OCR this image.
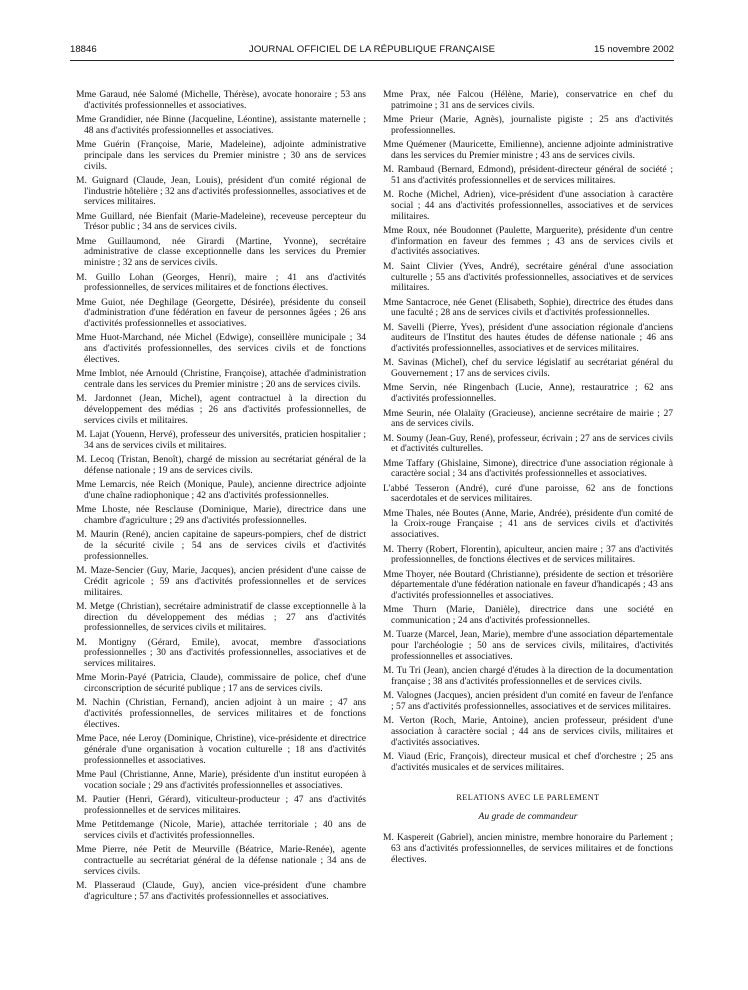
18846	JOURNAL OFFICIEL DE LA RÉPUBLIQUE FRANÇAISE	15 novembre 2002

Mme Garaud, née Salomé (Michelle, Thérèse), avocate honoraire ; 53 ans d'activités professionnelles et associatives.

Mme Grandidier, née Binne (Jacqueline, Léontine), assistante maternelle ; 48 ans d'activités professionnelles et associatives.

Mme Guérin (Françoise, Marie, Madeleine), adjointe administrative principale dans les services du Premier ministre ; 30 ans de services civils.

M. Guignard (Claude, Jean, Louis), président d'un comité régional de l'industrie hôtelière ; 32 ans d'activités professionnelles, associatives et de services militaires.

Mme Guillard, née Bienfait (Marie-Madeleine), receveuse percepteur du Trésor public ; 34 ans de services civils.

Mme Guillaumond, née Girardi (Martine, Yvonne), secrétaire administrative de classe exceptionnelle dans les services du Premier ministre ; 32 ans de services civils.

M. Guillo Lohan (Georges, Henri), maire ; 41 ans d'activités professionnelles, de services militaires et de fonctions électives.

Mme Guiot, née Deghilage (Georgette, Désirée), présidente du conseil d'administration d'une fédération en faveur de personnes âgées ; 26 ans d'activités professionnelles et associatives.

Mme Huot-Marchand, née Michel (Edwige), conseillère municipale ; 34 ans d'activités professionnelles, des services civils et de fonctions électives.

Mme Imblot, née Arnould (Christine, Françoise), attachée d'administration centrale dans les services du Premier ministre ; 20 ans de services civils.

M. Jardonnet (Jean, Michel), agent contractuel à la direction du développement des médias ; 26 ans d'activités professionnelles, de services civils et militaires.

M. Lajat (Youenn, Hervé), professeur des universités, praticien hospitalier ; 34 ans de services civils et militaires.

M. Lecoq (Tristan, Benoît), chargé de mission au secrétariat général de la défense nationale ; 19 ans de services civils.

Mme Lemarcis, née Reich (Monique, Paule), ancienne directrice adjointe d'une chaîne radiophonique ; 42 ans d'activités professionnelles.

Mme Lhoste, née Resclause (Dominique, Marie), directrice dans une chambre d'agriculture ; 29 ans d'activités professionnelles.

M. Maurin (René), ancien capitaine de sapeurs-pompiers, chef de district de la sécurité civile ; 54 ans de services civils et d'activités professionnelles.

M. Maze-Sencier (Guy, Marie, Jacques), ancien président d'une caisse de Crédit agricole ; 59 ans d'activités professionnelles et de services militaires.

M. Metge (Christian), secrétaire administratif de classe exceptionnelle à la direction du développement des médias ; 27 ans d'activités professionnelles, de services civils et militaires.

M. Montigny (Gérard, Emile), avocat, membre d'associations professionnelles ; 30 ans d'activités professionnelles, associatives et de services militaires.

Mme Morin-Payé (Patricia, Claude), commissaire de police, chef d'une circonscription de sécurité publique ; 17 ans de services civils.

M. Nachin (Christian, Fernand), ancien adjoint à un maire ; 47 ans d'activités professionnelles, de services militaires et de fonctions électives.

Mme Pace, née Leroy (Dominique, Christine), vice-présidente et directrice générale d'une organisation à vocation culturelle ; 18 ans d'activités professionnelles et associatives.

Mme Paul (Christianne, Anne, Marie), présidente d'un institut européen à vocation sociale ; 29 ans d'activités professionnelles et associatives.

M. Pautier (Henri, Gérard), viticulteur-producteur ; 47 ans d'activités professionnelles et de services militaires.

Mme Petitdemange (Nicole, Marie), attachée territoriale ; 40 ans de services civils et d'activités professionnelles.

Mme Pierre, née Petit de Meurville (Béatrice, Marie-Renée), agente contractuelle au secrétariat général de la défense nationale ; 34 ans de services civils.

M. Plasseraud (Claude, Guy), ancien vice-président d'une chambre d'agriculture ; 57 ans d'activités professionnelles et associatives.

Mme Prax, née Falcou (Hélène, Marie), conservatrice en chef du patrimoine ; 31 ans de services civils.

Mme Prieur (Marie, Agnès), journaliste pigiste ; 25 ans d'activités professionnelles.

Mme Quémener (Mauricette, Emilienne), ancienne adjointe administrative dans les services du Premier ministre ; 43 ans de services civils.

M. Rambaud (Bernard, Edmond), président-directeur général de société ; 51 ans d'activités professionnelles et de services militaires.

M. Roche (Michel, Adrien), vice-président d'une association à caractère social ; 44 ans d'activités professionnelles, associatives et de services militaires.

Mme Roux, née Boudonnet (Paulette, Marguerite), présidente d'un centre d'information en faveur des femmes ; 43 ans de services civils et d'activités associatives.

M. Saint Clivier (Yves, André), secrétaire général d'une association culturelle ; 55 ans d'activités professionnelles, associatives et de services militaires.

Mme Santacroce, née Genet (Elisabeth, Sophie), directrice des études dans une faculté ; 28 ans de services civils et d'activités professionnelles.

M. Savelli (Pierre, Yves), président d'une association régionale d'anciens auditeurs de l'Institut des hautes études de défense nationale ; 46 ans d'activités professionnelles, associatives et de services militaires.

M. Savinas (Michel), chef du service législatif au secrétariat général du Gouvernement ; 17 ans de services civils.

Mme Servin, née Ringenbach (Lucie, Anne), restauratrice ; 62 ans d'activités professionnelles.

Mme Seurin, née Olalaïty (Gracieuse), ancienne secrétaire de mairie ; 27 ans de services civils.

M. Soumy (Jean-Guy, René), professeur, écrivain ; 27 ans de services civils et d'activités culturelles.

Mme Taffary (Ghislaine, Simone), directrice d'une association régionale à caractère social ; 34 ans d'activités professionnelles et associatives.

L'abbé Tesseron (André), curé d'une paroisse, 62 ans de fonctions sacerdotales et de services militaires.

Mme Thales, née Boutes (Anne, Marie, Andrée), présidente d'un comité de la Croix-rouge Française ; 41 ans de services civils et d'activités associatives.

M. Therry (Robert, Florentin), apiculteur, ancien maire ; 37 ans d'activités professionnelles, de fonctions électives et de services militaires.

Mme Thoyer, née Boutard (Christianne), présidente de section et trésorière départementale d'une fédération nationale en faveur d'handicapés ; 43 ans d'activités professionnelles et associatives.

Mme Thurn (Marie, Danièle), directrice dans une société en communication ; 24 ans d'activités professionnelles.

M. Tuarze (Marcel, Jean, Marie), membre d'une association départementale pour l'archéologie ; 50 ans de services civils, militaires, d'activités professionnelles et associatives.

M. Tu Tri (Jean), ancien chargé d'études à la direction de la documentation française ; 38 ans d'activités professionnelles et de services civils.

M. Valognes (Jacques), ancien président d'un comité en faveur de l'enfance ; 57 ans d'activités professionnelles, associatives et de services militaires.

M. Verton (Roch, Marie, Antoine), ancien professeur, président d'une association à caractère social ; 44 ans de services civils, militaires et d'activités associatives.

M. Viaud (Eric, François), directeur musical et chef d'orchestre ; 25 ans d'activités musicales et de services militaires.

RELATIONS AVEC LE PARLEMENT
Au grade de commandeur

M. Kaspereit (Gabriel), ancien ministre, membre honoraire du Parlement ; 63 ans d'activités professionnelles, de services militaires et de fonctions électives.
